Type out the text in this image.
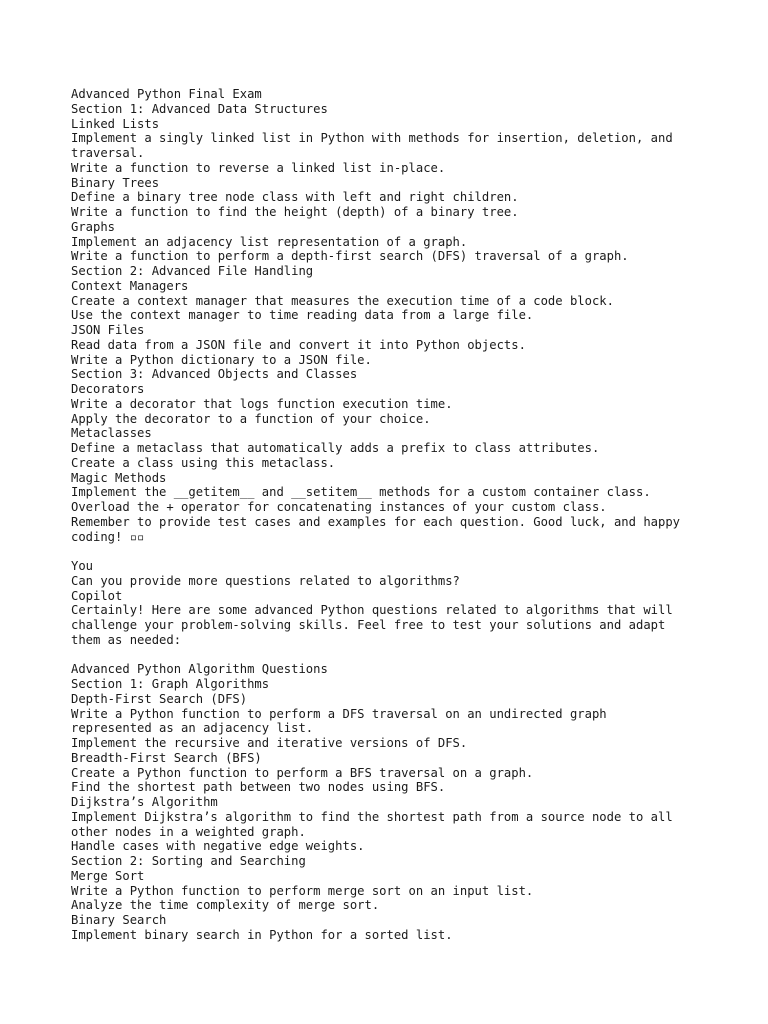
Advanced Python Final Exam
Section 1: Advanced Data Structures
Linked Lists
Implement a singly linked list in Python with methods for insertion, deletion, and
traversal.
Write a function to reverse a linked list in-place.
Binary Trees
Define a binary tree node class with left and right children.
Write a function to find the height (depth) of a binary tree.
Graphs
Implement an adjacency list representation of a graph.
Write a function to perform a depth-first search (DFS) traversal of a graph.
Section 2: Advanced File Handling
Context Managers
Create a context manager that measures the execution time of a code block.
Use the context manager to time reading data from a large file.
JSON Files
Read data from a JSON file and convert it into Python objects.
Write a Python dictionary to a JSON file.
Section 3: Advanced Objects and Classes
Decorators
Write a decorator that logs function execution time.
Apply the decorator to a function of your choice.
Metaclasses
Define a metaclass that automatically adds a prefix to class attributes.
Create a class using this metaclass.
Magic Methods
Implement the __getitem__ and __setitem__ methods for a custom container class.
Overload the + operator for concatenating instances of your custom class.
Remember to provide test cases and examples for each question. Good luck, and happy
coding! ▫▫
You
Can you provide more questions related to algorithms?
Copilot
Certainly! Here are some advanced Python questions related to algorithms that will
challenge your problem-solving skills. Feel free to test your solutions and adapt
them as needed:
Advanced Python Algorithm Questions
Section 1: Graph Algorithms
Depth-First Search (DFS)
Write a Python function to perform a DFS traversal on an undirected graph
represented as an adjacency list.
Implement the recursive and iterative versions of DFS.
Breadth-First Search (BFS)
Create a Python function to perform a BFS traversal on a graph.
Find the shortest path between two nodes using BFS.
Dijkstra’s Algorithm
Implement Dijkstra’s algorithm to find the shortest path from a source node to all
other nodes in a weighted graph.
Handle cases with negative edge weights.
Section 2: Sorting and Searching
Merge Sort
Write a Python function to perform merge sort on an input list.
Analyze the time complexity of merge sort.
Binary Search
Implement binary search in Python for a sorted list.
